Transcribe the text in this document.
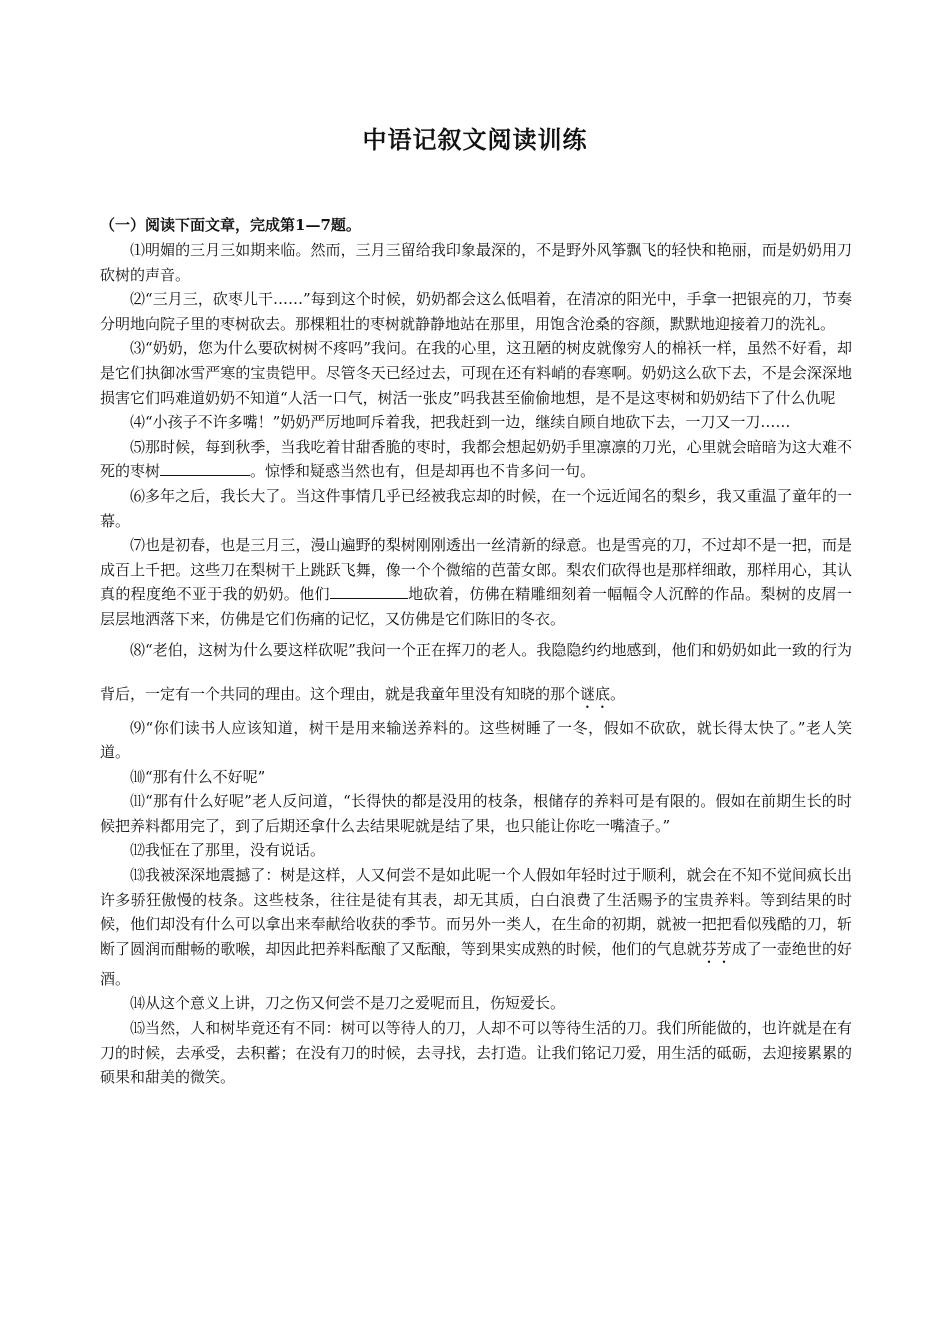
中语记叙文阅读训练
（一）阅读下面文章，完成第1—7题。

⑴明媚的三月三如期来临。然而，三月三留给我印象最深的，不是野外风筝飘飞的轻快和艳丽，而是奶奶用刀砍树的声音。

⑵“三月三，砍枣儿干……”每到这个时候，奶奶都会这么低唱着，在清凉的阳光中，手拿一把银亮的刀，节奏分明地向院子里的枣树砍去。那棵粗壮的枣树就静静地站在那里，用饱含沧桑的容颜，默默地迎接着刀的洗礼。

⑶“奶奶，您为什么要砍树树不疼吗”我问。在我的心里，这丑陋的树皮就像穷人的棉袄一样，虽然不好看，却是它们执御冰雪严寒的宝贵铠甲。尽管冬天已经过去，可现在还有料峭的春寒啊。奶奶这么砍下去，不是会深深地损害它们吗难道奶奶不知道“人活一口气，树活一张皮”吗我甚至偷偷地想，是不是这枣树和奶奶结下了什么仇呢

⑷“小孩子不许多嘴！”奶奶严厉地呵斥着我，把我赶到一边，继续自顾自地砍下去，一刀又一刀……

⑸那时候，每到秋季，当我吃着甘甜香脆的枣时，我都会想起奶奶手里凛凛的刀光，心里就会暗暗为这大难不死的枣树	。惊悸和疑惑当然也有，但是却再也不肯多问一句。

⑹多年之后，我长大了。当这件事情几乎已经被我忘却的时候，在一个远近闻名的梨乡，我又重温了童年的一幕。

⑺也是初春，也是三月三，漫山遍野的梨树刚刚透出一丝清新的绿意。也是雪亮的刀，不过却不是一把，而是成百上千把。这些刀在梨树干上跳跃飞舞，像一个个微缩的芭蕾女郎。梨农们砍得也是那样细敢，那样用心，其认真的程度绝不亚于我的奶奶。他们	地砍着，仿佛在精雕细刻着一幅幅令人沉醉的作品。梨树的皮屑一层层地洒落下来，仿佛是它们伤痛的记忆，又仿佛是它们陈旧的冬衣。

⑻“老伯，这树为什么要这样砍呢”我问一个正在挥刀的老人。我隐隐约约地感到，他们和奶奶如此一致的行为背后，一定有一个共同的理由。这个理由，就是我童年里没有知晓的那个谜底。

⑼“你们读书人应该知道，树干是用来输送养料的。这些树睡了一冬，假如不砍砍，就长得太快了。”老人笑道。

⑽“那有什么不好呢”

⑾“那有什么好呢”老人反问道，“长得快的都是没用的枝条，根储存的养料可是有限的。假如在前期生长的时候把养料都用完了，到了后期还拿什么去结果呢就是结了果，也只能让你吃一嘴渣子。”

⑿我怔在了那里，没有说话。

⒀我被深深地震撼了：树是这样，人又何尝不是如此呢一个人假如年轻时过于顺利，就会在不知不觉间疯长出许多骄狂傲慢的枝条。这些枝条，往往是徒有其表，却无其质，白白浪费了生活赐予的宝贵养料。等到结果的时候，他们却没有什么可以拿出来奉献给收获的季节。而另外一类人，在生命的初期，就被一把把看似残酷的刀，斩断了圆润而酣畅的歌喉，却因此把养料酝酿了又酝酿，等到果实成熟的时候，他们的气息就芬芳成了一壶绝世的好酒。

⒁从这个意义上讲，刀之伤又何尝不是刀之爱呢而且，伤短爱长。

⒂当然，人和树毕竟还有不同：树可以等待人的刀，人却不可以等待生活的刀。我们所能做的，也许就是在有刀的时候，去承受，去积蓄；在没有刀的时候，去寻找，去打造。让我们铭记刀爱，用生活的砥砺，去迎接累累的硕果和甜美的微笑。
